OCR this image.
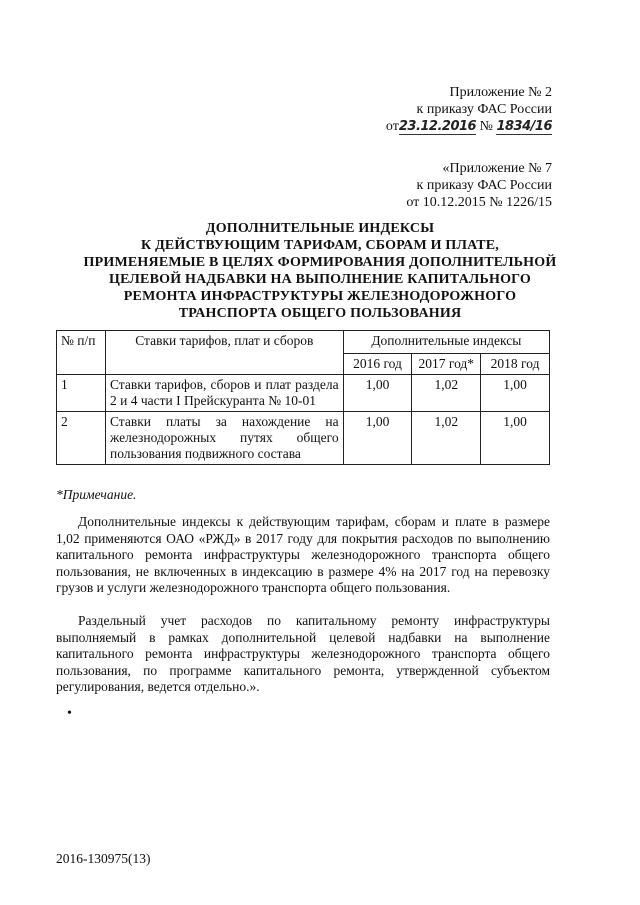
Приложение № 2
к приказу ФАС России
от23.12.2016 № 1834/16
«Приложение № 7
к приказу ФАС России
от 10.12.2015 № 1226/15
ДОПОЛНИТЕЛЬНЫЕ ИНДЕКСЫ
К ДЕЙСТВУЮЩИМ ТАРИФАМ, СБОРАМ И ПЛАТЕ,
ПРИМЕНЯЕМЫЕ В ЦЕЛЯХ ФОРМИРОВАНИЯ ДОПОЛНИТЕЛЬНОЙ
ЦЕЛЕВОЙ НАДБАВКИ НА ВЫПОЛНЕНИЕ КАПИТАЛЬНОГО
РЕМОНТА ИНФРАСТРУКТУРЫ ЖЕЛЕЗНОДОРОЖНОГО
ТРАНСПОРТА ОБЩЕГО ПОЛЬЗОВАНИЯ
№ п/п	Ставки тарифов, плат и сборов	Дополнительные индексы		
		2016 год	2017 год*	2018 год
1	Ставки тарифов, сборов и плат раздела 2 и 4 части I Прейскуранта № 10-01	1,00	1,02	1,00
2	Ставки платы за нахождение на железнодорожных путях общего пользования подвижного состава	1,00	1,02	1,00
*Примечание.
Дополнительные индексы к действующим тарифам, сборам и плате в размере 1,02 применяются ОАО «РЖД» в 2017 году для покрытия расходов по выполнению капитального ремонта инфраструктуры железнодорожного транспорта общего пользования, не включенных в индексацию в размере 4% на 2017 год на перевозку грузов и услуги железнодорожного транспорта общего пользования.
Раздельный учет расходов по капитальному ремонту инфраструктуры выполняемый в рамках дополнительной целевой надбавки на выполнение капитального ремонта инфраструктуры железнодорожного транспорта общего пользования, по программе капитального ремонта, утвержденной субъектом регулирования, ведется отдельно.».
•
2016-130975(13)
